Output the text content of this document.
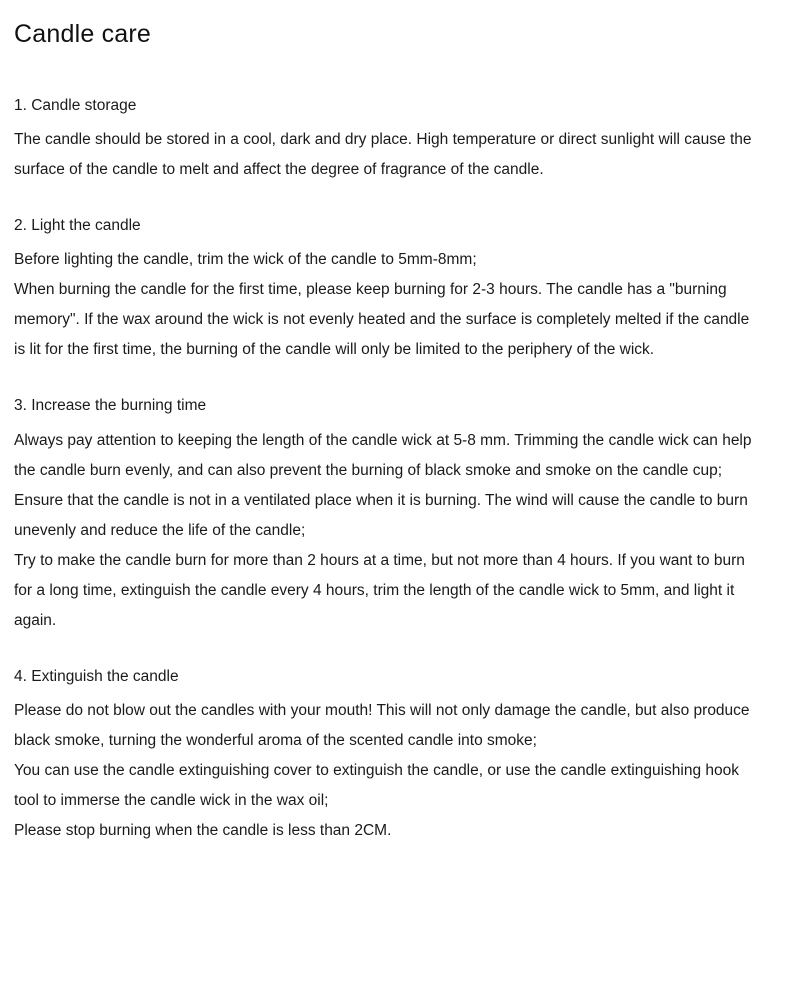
Candle care
1. Candle storage

The candle should be stored in a cool, dark and dry place. High temperature or direct sunlight will cause the surface of the candle to melt and affect the degree of fragrance of the candle.

2. Light the candle

Before lighting the candle, trim the wick of the candle to 5mm-8mm;

When burning the candle for the first time, please keep burning for 2-3 hours. The candle has a "burning memory". If the wax around the wick is not evenly heated and the surface is completely melted if the candle is lit for the first time, the burning of the candle will only be limited to the periphery of the wick.

3. Increase the burning time

Always pay attention to keeping the length of the candle wick at 5-8 mm. Trimming the candle wick can help the candle burn evenly, and can also prevent the burning of black smoke and smoke on the candle cup;

Ensure that the candle is not in a ventilated place when it is burning. The wind will cause the candle to burn unevenly and reduce the life of the candle;

Try to make the candle burn for more than 2 hours at a time, but not more than 4 hours. If you want to burn for a long time, extinguish the candle every 4 hours, trim the length of the candle wick to 5mm, and light it again.

4. Extinguish the candle

Please do not blow out the candles with your mouth! This will not only damage the candle, but also produce black smoke, turning the wonderful aroma of the scented candle into smoke;

You can use the candle extinguishing cover to extinguish the candle, or use the candle extinguishing hook tool to immerse the candle wick in the wax oil;

Please stop burning when the candle is less than 2CM.
